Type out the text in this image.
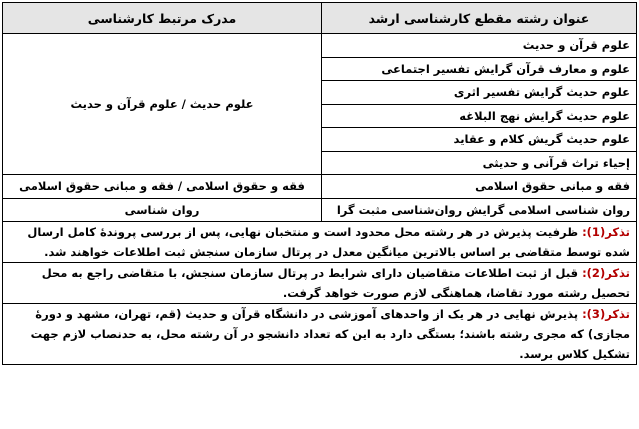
عنوان رشته مقطع کارشناسی ارشد	مدرک مرتبط کارشناسی
علوم قرآن و حدیث	علوم حدیث / علوم قرآن و حدیث
علوم و معارف قرآن گرایش تفسیر اجتماعی	
علوم حدیث گرایش تفسیر اثری	
علوم حدیث گرایش نهج البلاغه	
علوم حدیث گریش کلام و عقاید	
إحیاء تراث قرآنی و حدیثی	
فقه و مبانی حقوق اسلامی	فقه و حقوق اسلامی / فقه و مبانی حقوق اسلامی
روان شناسی اسلامی گرایش روان‌شناسی مثبت گرا	روان شناسی
تذکر(1): ظرفیت پذیرش در هر رشته محل محدود است و منتخبان نهایی، پس از بررسی پروندۀ کامل ارسال شده توسط متقاضی بر اساس بالاترین میانگین معدل در پرتال سازمان سنجش ثبت اطلاعات خواهند شد.	
تذکر(2): قبل از ثبت اطلاعات متقاضیان دارای شرایط در پرتال سازمان سنجش، با متقاضی راجع به محل تحصیل رشته مورد تقاضا، هماهنگی لازم صورت خواهد گرفت.	
تذکر(3): پذیرش نهایی در هر یک از واحدهای آموزشی در دانشگاه قرآن و حدیث (قم، تهران، مشهد و دورۀ مجازی) که مجری رشته باشند؛ بستگی دارد به این که تعداد دانشجو در آن رشته محل، به حدنصاب لازم جهت تشکیل کلاس برسد.	
